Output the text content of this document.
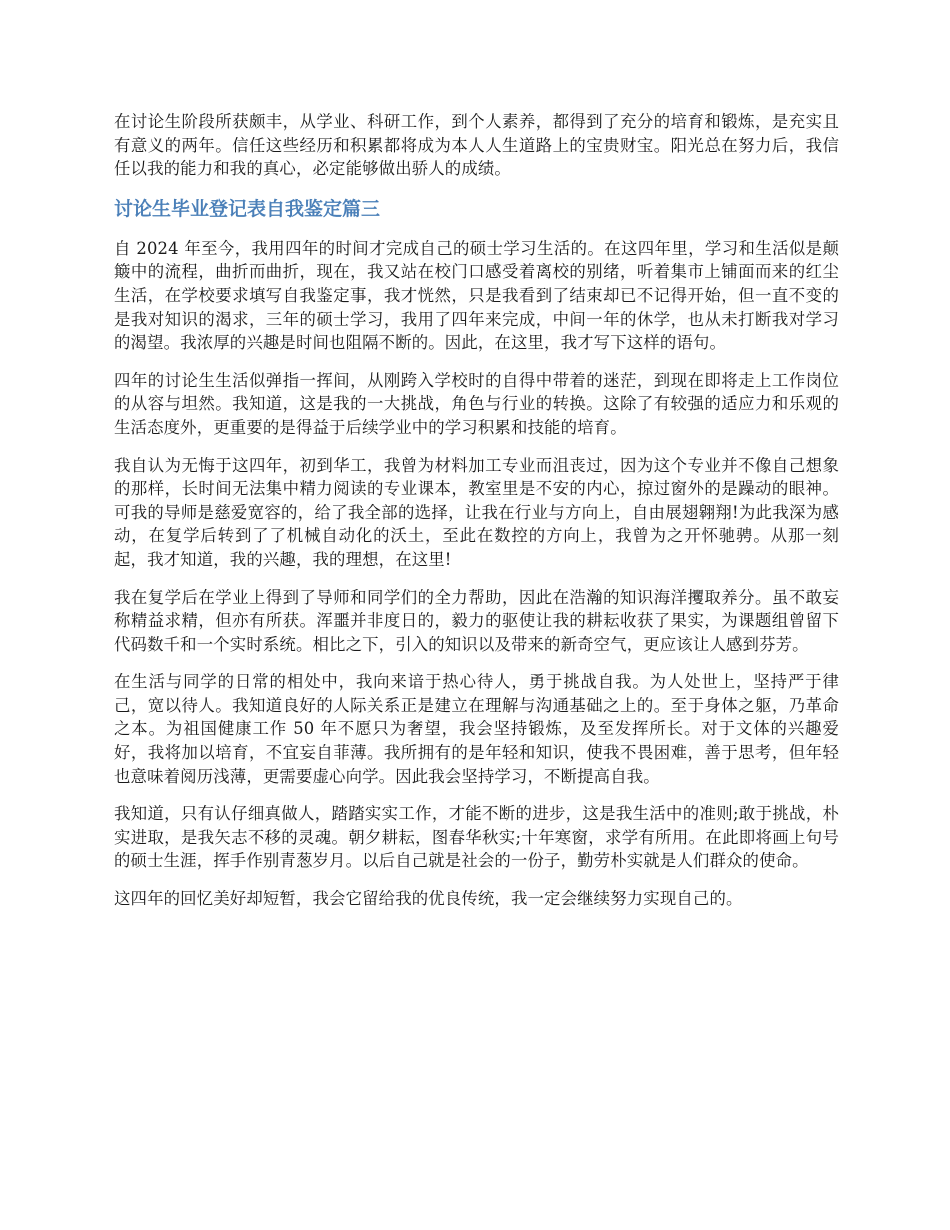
在讨论生阶段所获颇丰，从学业、科研工作，到个人素养，都得到了充分的培育和锻炼，是充实且有意义的两年。信任这些经历和积累都将成为本人人生道路上的宝贵财宝。阳光总在努力后，我信任以我的能力和我的真心，必定能够做出骄人的成绩。

讨论生毕业登记表自我鉴定篇三

自 2024 年至今，我用四年的时间才完成自己的硕士学习生活的。在这四年里，学习和生活似是颠簸中的流程，曲折而曲折，现在，我又站在校门口感受着离校的别绪，听着集市上铺面而来的红尘生活，在学校要求填写自我鉴定事，我才恍然，只是我看到了结束却已不记得开始，但一直不变的是我对知识的渴求，三年的硕士学习，我用了四年来完成，中间一年的休学，也从未打断我对学习的渴望。我浓厚的兴趣是时间也阻隔不断的。因此，在这里，我才写下这样的语句。

四年的讨论生生活似弹指一挥间，从刚跨入学校时的自得中带着的迷茫，到现在即将走上工作岗位的从容与坦然。我知道，这是我的一大挑战，角色与行业的转换。这除了有较强的适应力和乐观的生活态度外，更重要的是得益于后续学业中的学习积累和技能的培育。

我自认为无悔于这四年，初到华工，我曾为材料加工专业而沮丧过，因为这个专业并不像自己想象的那样，长时间无法集中精力阅读的专业课本，教室里是不安的内心，掠过窗外的是躁动的眼神。可我的导师是慈爱宽容的，给了我全部的选择，让我在行业与方向上，自由展翅翱翔!为此我深为感动，在复学后转到了了机械自动化的沃土，至此在数控的方向上，我曾为之开怀驰骋。从那一刻起，我才知道，我的兴趣，我的理想，在这里!

我在复学后在学业上得到了导师和同学们的全力帮助，因此在浩瀚的知识海洋攫取养分。虽不敢妄称精益求精，但亦有所获。浑噩并非度日的，毅力的驱使让我的耕耘收获了果实，为课题组曾留下代码数千和一个实时系统。相比之下，引入的知识以及带来的新奇空气，更应该让人感到芬芳。

在生活与同学的日常的相处中，我向来谙于热心待人，勇于挑战自我。为人处世上，坚持严于律己，宽以待人。我知道良好的人际关系正是建立在理解与沟通基础之上的。至于身体之躯，乃革命之本。为祖国健康工作 50 年不愿只为奢望，我会坚持锻炼，及至发挥所长。对于文体的兴趣爱好，我将加以培育，不宜妄自菲薄。我所拥有的是年轻和知识，使我不畏困难，善于思考，但年轻也意味着阅历浅薄，更需要虚心向学。因此我会坚持学习，不断提高自我。

我知道，只有认仔细真做人，踏踏实实工作，才能不断的进步，这是我生活中的准则;敢于挑战，朴实进取，是我矢志不移的灵魂。朝夕耕耘，图春华秋实;十年寒窗，求学有所用。在此即将画上句号的硕士生涯，挥手作别青葱岁月。以后自己就是社会的一份子，勤劳朴实就是人们群众的使命。

这四年的回忆美好却短暂，我会它留给我的优良传统，我一定会继续努力实现自己的。
